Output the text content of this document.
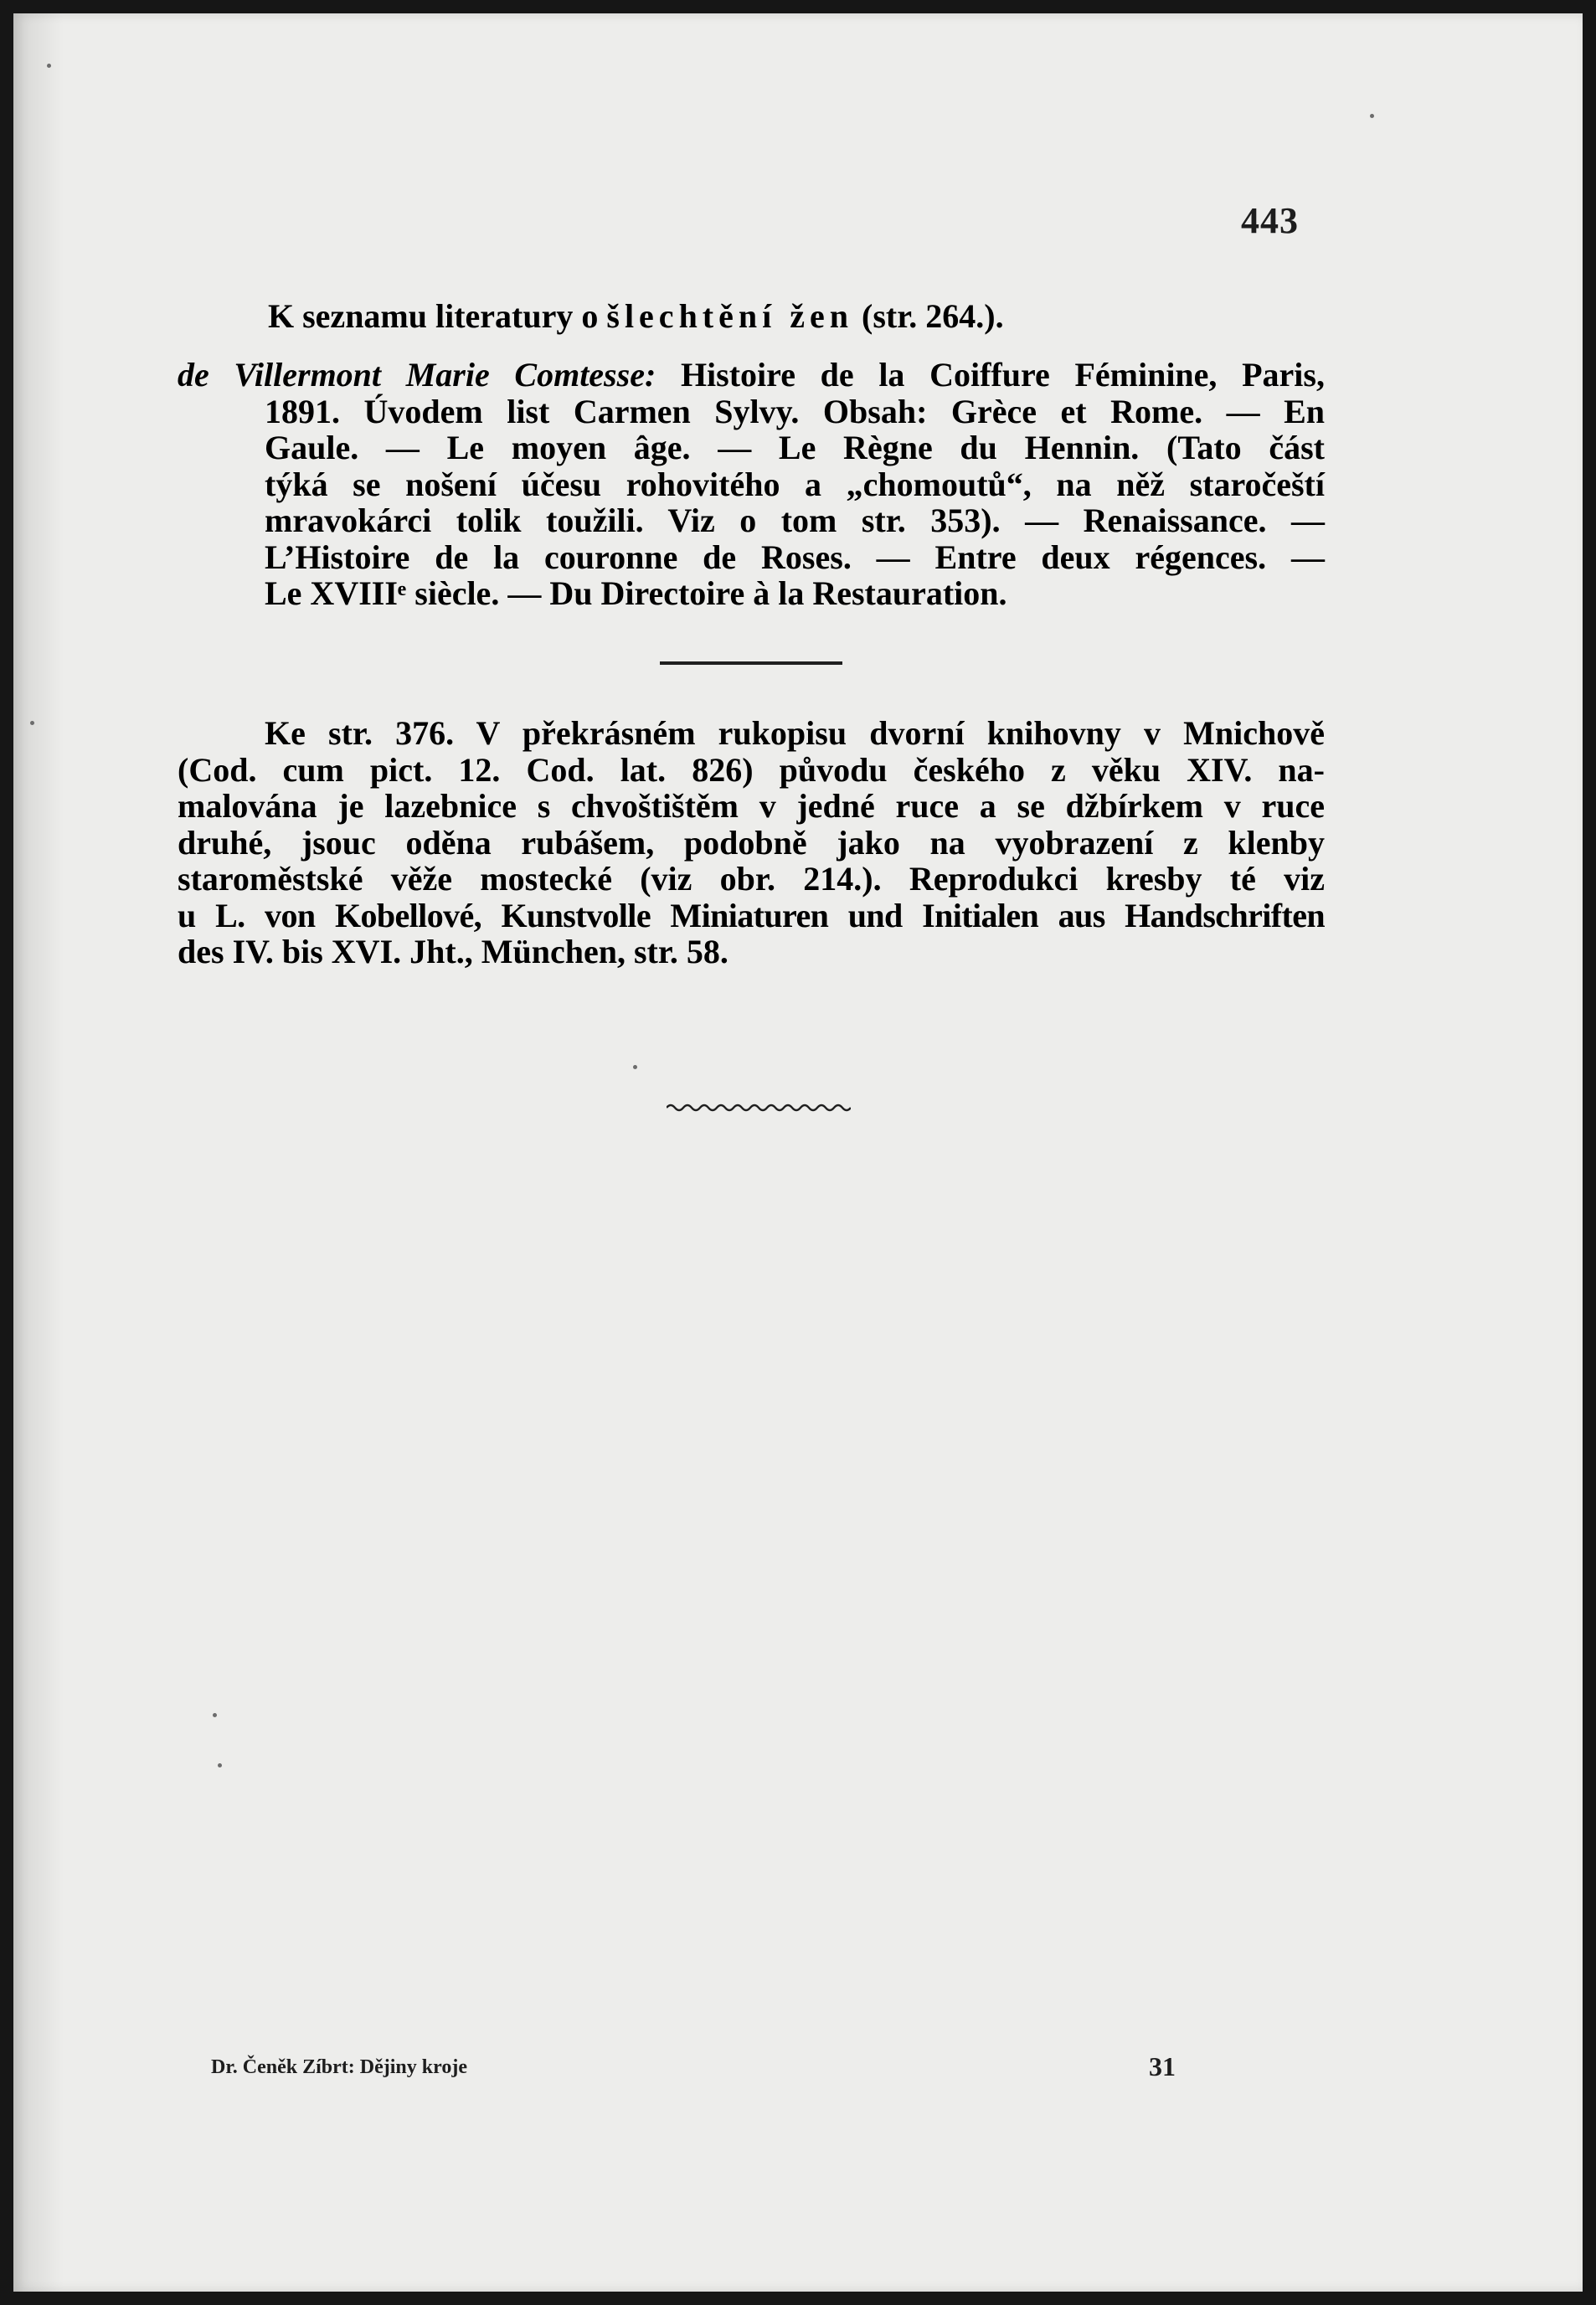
443
K seznamu literatury o šlechtění žen (str. 264.).
de Villermont Marie Comtesse: Histoire de la Coiffure Féminine, Paris,
1891. Úvodem list Carmen Sylvy. Obsah: Grèce et Rome. — En
Gaule. — Le moyen âge. — Le Règne du Hennin. (Tato část
týká se nošení účesu rohovitého a „chomoutů“, na něž staročeští
mravokárci tolik toužili. Viz o tom str. 353). — Renaissance. —
L’Histoire de la couronne de Roses. — Entre deux régences. —
Le XVIIIᵉ siècle. — Du Directoire à la Restauration.
Ke str. 376. V překrásném rukopisu dvorní knihovny v Mnichově
(Cod. cum pict. 12. Cod. lat. 826) původu českého z věku XIV. na-
malována je lazebnice s chvoštištěm v jedné ruce a se džbírkem v ruce
druhé, jsouc oděna rubášem, podobně jako na vyobrazení z klenby
staroměstské věže mostecké (viz obr. 214.). Reprodukci kresby té viz
u L. von Kobellové, Kunstvolle Miniaturen und Initialen aus Handschriften
des IV. bis XVI. Jht., München, str. 58.
Dr. Čeněk Zíbrt: Dějiny kroje	31
